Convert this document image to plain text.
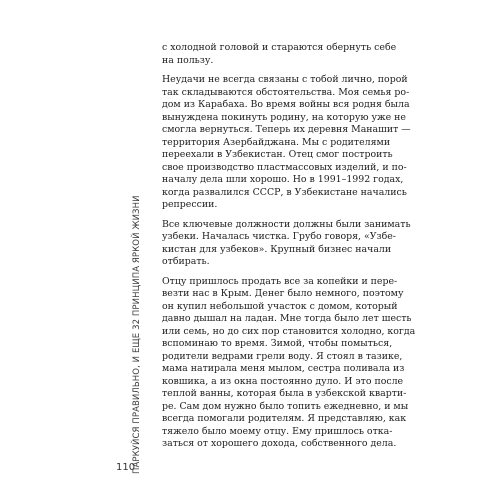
ПАРКУЙСЯ ПРАВИЛЬНО, И ЕЩЕ 32 ПРИНЦИПА ЯРКОЙ ЖИЗНИ

с холодной головой и стараются обернуть себе
на пользу.

Неудачи не всегда связаны с тобой лично, порой
так складываются обстоятельства. Моя семья ро-
дом из Карабаха. Во время войны вся родня была
вынуждена покинуть родину, на которую уже не
смогла вернуться. Теперь их деревня Манашит —
территория Азербайджана. Мы с родителями
переехали в Узбекистан. Отец смог построить
свое производство пластмассовых изделий, и по-
началу дела шли хорошо. Но в 1991–1992 годах,
когда развалился СССР, в Узбекистане начались
репрессии.

Все ключевые должности должны были занимать
узбеки. Началась чистка. Грубо говоря, «Узбе-
кистан для узбеков». Крупный бизнес начали
отбирать.

Отцу пришлось продать все за копейки и пере-
везти нас в Крым. Денег было немного, поэтому
он купил небольшой участок с домом, который
давно дышал на ладан. Мне тогда было лет шесть
или семь, но до сих пор становится холодно, когда
вспоминаю то время. Зимой, чтобы помыться,
родители ведрами грели воду. Я стоял в тазике,
мама натирала меня мылом, сестра поливала из
ковшика, а из окна постоянно дуло. И это после
теплой ванны, которая была в узбекской кварти-
ре. Сам дом нужно было топить ежедневно, и мы
всегда помогали родителям. Я представляю, как
тяжело было моему отцу. Ему пришлось отка-
заться от хорошего дохода, собственного дела.

110
